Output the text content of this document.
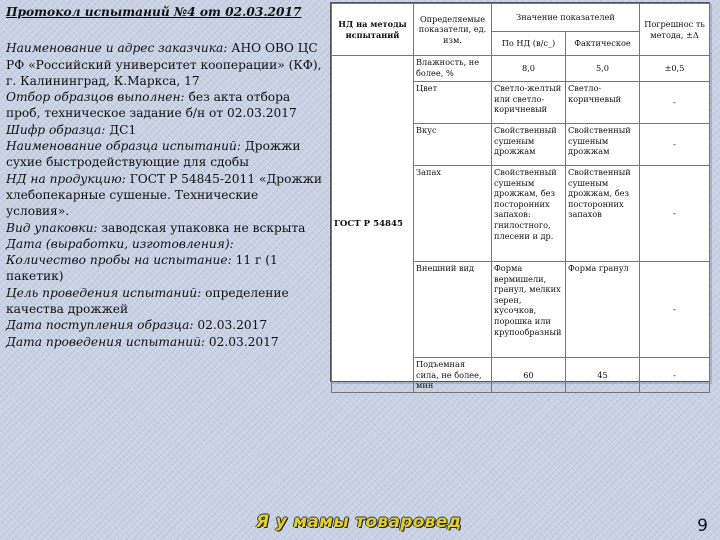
Протокол испытаний №4 от 02.03.2017
Наименование и адрес заказчика: АНО ОВО ЦС РФ «Российский университет кооперации» (КФ), г. Калининград, К.Маркса, 17
Отбор образцов выполнен: без акта отбора проб, техническое задание б/н от 02.03.2017
Шифр образца: ДС1
Наименование образца испытаний: Дрожжи сухие быстродействующие для сдобы
НД на продукцию: ГОСТ Р 54845-2011 «Дрожжи хлебопекарные сушеные. Технические условия».
Вид упаковки: заводская упаковка не вскрыта
Дата (выработки, изготовления):
Количество пробы на испытание: 11 г (1 пакетик)
Цель проведения испытаний: определение качества дрожжей
Дата поступления образца: 02.03.2017
Дата проведения испытаний: 02.03.2017
НД на методы испытаний	Определяемые показатели, ед. изм.	Значение показателей		Погрешнос ть метода, ±Δ
		По НД (в/с_)	Фактическое	
ГОСТ Р 54845	Влажность, не более, %	8,0	5,0	±0,5
	Цвет	Светло-желтый или светло-коричневый	Светло-коричневый	-
	Вкус	Свойственный сушеным дрожжам	Свойственный сушеным дрожжам	-
	Запах	Свойственный сушеным дрожжам, без посторонних запахов: гнилостного, плесени и др.	Свойственный сушеным дрожжам, без посторонних запахов	-
	Внешний вид	Форма вермишели, гранул, мелких зерен, кусочков, порошка или крупообразный	Форма гранул	-
	Подъемная сила, не более, мин	60	45	-
Я у мамы товаровед	9
